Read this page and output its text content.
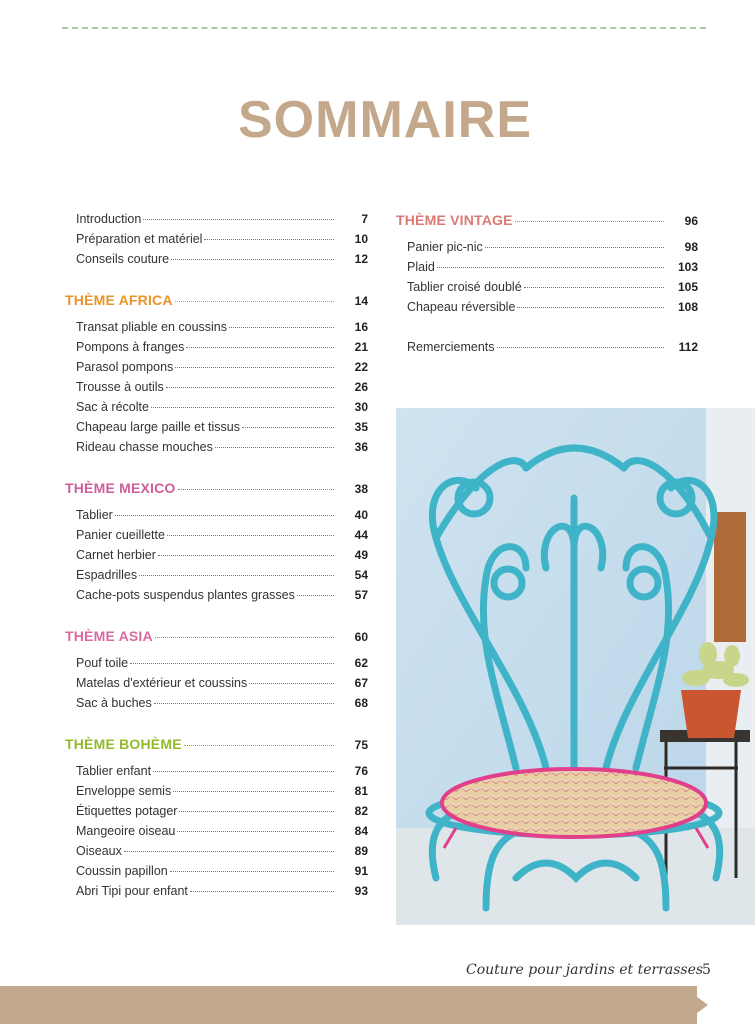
SOMMAIRE
Introduction	7
Préparation et matériel	10
Conseils couture	12
THÈME AFRICA	14
Transat pliable en coussins	16
Pompons à franges	21
Parasol pompons	22
Trousse à outils	26
Sac à récolte	30
Chapeau large paille et tissus	35
Rideau chasse mouches	36
THÈME MEXICO	38
Tablier	40
Panier cueillette	44
Carnet herbier	49
Espadrilles	54
Cache-pots suspendus plantes grasses	57
THÈME ASIA	60
Pouf toile	62
Matelas d'extérieur et coussins	67
Sac à buches	68
THÈME BOHÈME	75
Tablier enfant	76
Enveloppe semis	81
Étiquettes potager	82
Mangeoire oiseau	84
Oiseaux	89
Coussin papillon	91
Abri Tipi pour enfant	93
THÈME VINTAGE	96
Panier pic-nic	98
Plaid	103
Tablier croisé doublé	105
Chapeau réversible	108
Remerciements	112
Couture pour jardins et terrasses
5
